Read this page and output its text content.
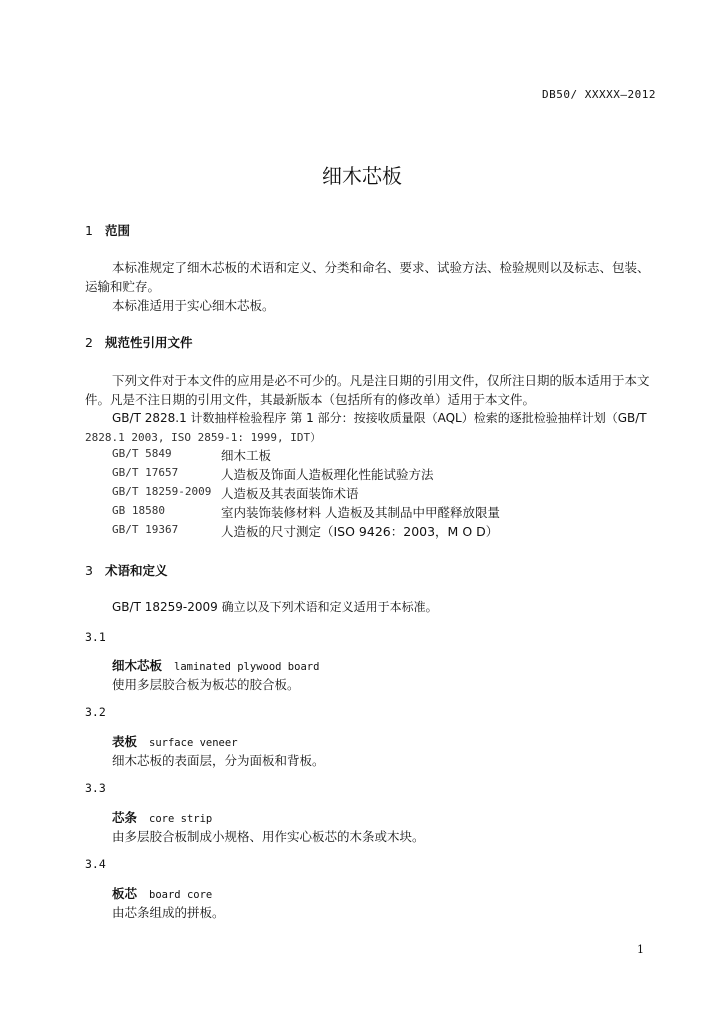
DB50/ XXXXX—2012
细木芯板
1 范围
本标准规定了细木芯板的术语和定义、分类和命名、要求、试验方法、检验规则以及标志、包装、
运输和贮存。
本标准适用于实心细木芯板。
2 规范性引用文件
下列文件对于本文件的应用是必不可少的。凡是注日期的引用文件，仅所注日期的版本适用于本文
件。凡是不注日期的引用文件，其最新版本（包括所有的修改单）适用于本文件。
GB/T 2828.1 计数抽样检验程序 第 1 部分：按接收质量限（AQL）检索的逐批检验抽样计划（GB/T
2828.1 2003, ISO 2859-1: 1999, IDT）
GB/T 5849	细木工板
GB/T 17657	人造板及饰面人造板理化性能试验方法
GB/T 18259-2009 人造板及其表面装饰术语
GB 18580	室内装饰装修材料 人造板及其制品中甲醛释放限量
GB/T 19367	人造板的尺寸测定（ISO 9426：2003，M O D）
3 术语和定义
GB/T 18259-2009 确立以及下列术语和定义适用于本标准。
3.1
细木芯板 laminated plywood board
使用多层胶合板为板芯的胶合板。
3.2
表板 surface veneer
细木芯板的表面层，分为面板和背板。
3.3
芯条 core strip
由多层胶合板制成小规格、用作实心板芯的木条或木块。
3.4
板芯 board core
由芯条组成的拼板。
1
